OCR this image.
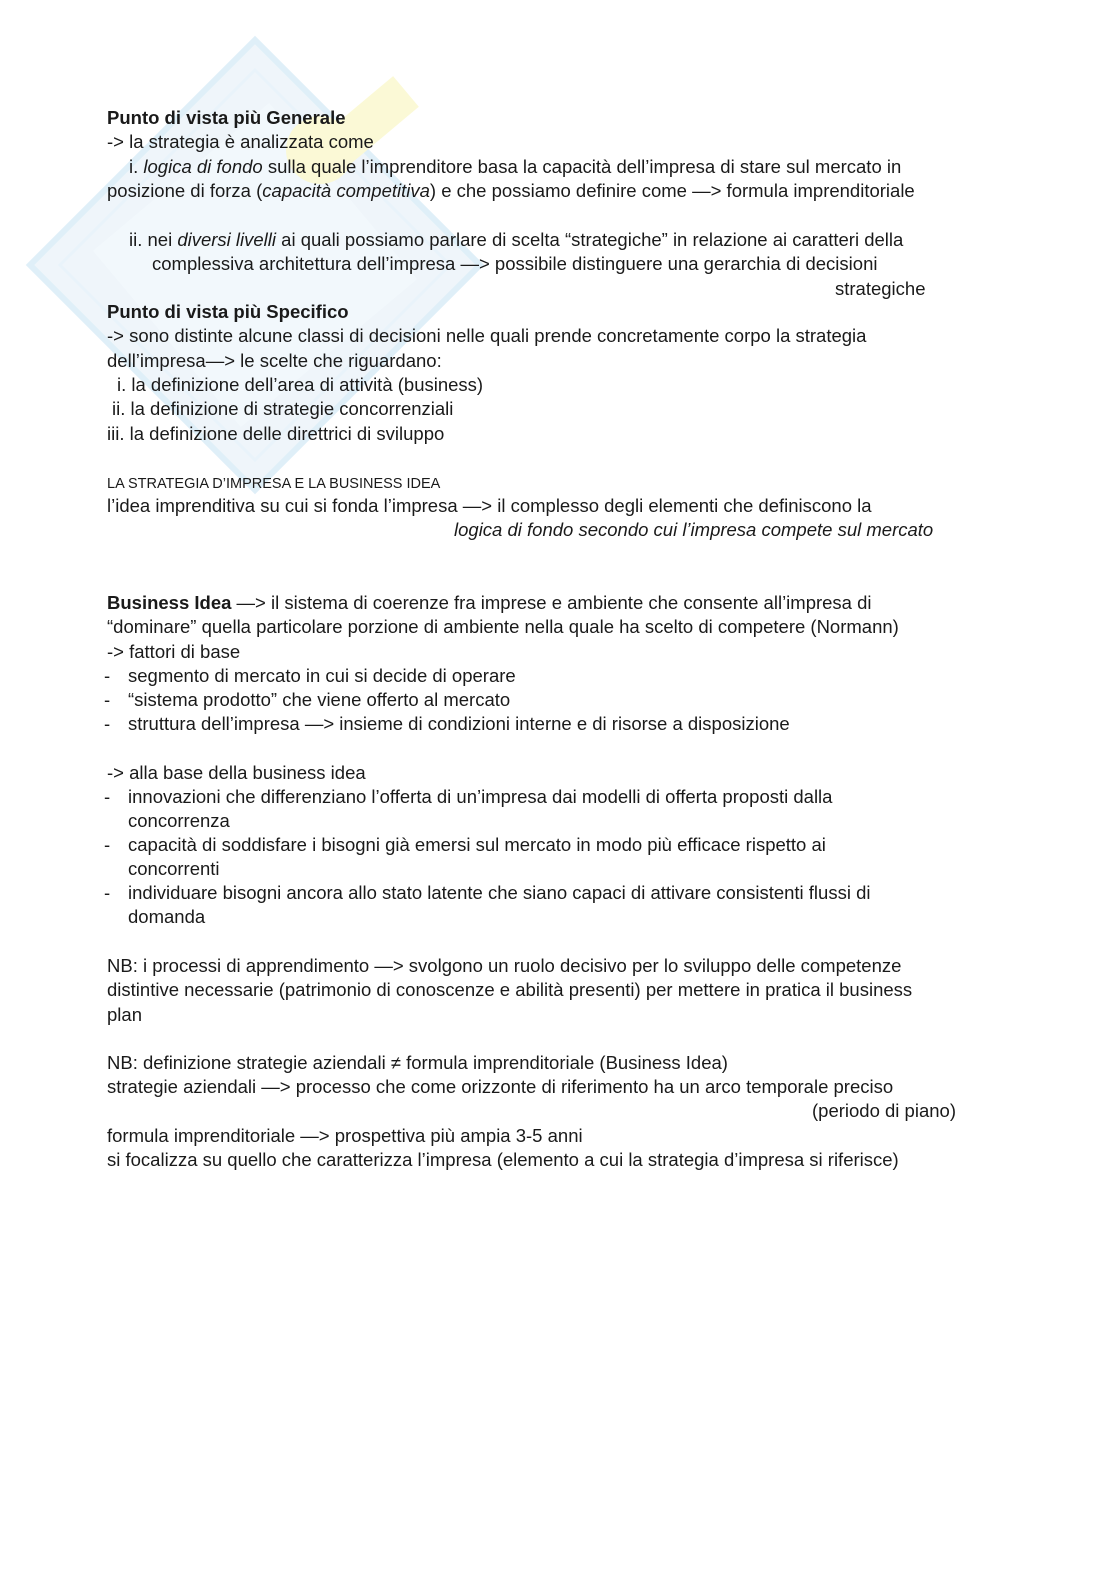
Punto di vista più Generale
-> la strategia è analizzata come
i. logica di fondo sulla quale l’imprenditore basa la capacità dell’impresa di stare sul mercato in
posizione di forza (capacità competitiva) e che possiamo definire come —> formula imprenditoriale
ii. nei diversi livelli ai quali possiamo parlare di scelta “strategiche” in relazione ai caratteri della
complessiva architettura dell’impresa —> possibile distinguere una gerarchia di decisioni
strategiche
Punto di vista più Specifico
-> sono distinte alcune classi di decisioni nelle quali prende concretamente corpo la strategia
dell’impresa—> le scelte che riguardano:
i. la definizione dell’area di attività (business)
ii. la definizione di strategie concorrenziali
iii. la definizione delle direttrici di sviluppo
LA STRATEGIA D’IMPRESA E LA BUSINESS IDEA
l’idea imprenditiva su cui si fonda l’impresa —> il complesso degli elementi che definiscono la
logica di fondo secondo cui l’impresa compete sul mercato
Business Idea —> il sistema di coerenze fra imprese e ambiente che consente all’impresa di
“dominare” quella particolare porzione di ambiente nella quale ha scelto di competere (Normann)
-> fattori di base
- segmento di mercato in cui si decide di operare
- “sistema prodotto” che viene offerto al mercato
- struttura dell’impresa —> insieme di condizioni interne e di risorse a disposizione
-> alla base della business idea
- innovazioni che differenziano l’offerta di un’impresa dai modelli di offerta proposti dalla
concorrenza
- capacità di soddisfare i bisogni già emersi sul mercato in modo più efficace rispetto ai
concorrenti
- individuare bisogni ancora allo stato latente che siano capaci di attivare consistenti flussi di
domanda
NB: i processi di apprendimento —> svolgono un ruolo decisivo per lo sviluppo delle competenze
distintive necessarie (patrimonio di conoscenze e abilità presenti) per mettere in pratica il business
plan
NB: definizione strategie aziendali ≠ formula imprenditoriale (Business Idea)
strategie aziendali —> processo che come orizzonte di riferimento ha un arco temporale preciso
(periodo di piano)
formula imprenditoriale —> prospettiva più ampia 3-5 anni
si focalizza su quello che caratterizza l’impresa (elemento a cui la strategia d’impresa si riferisce)
